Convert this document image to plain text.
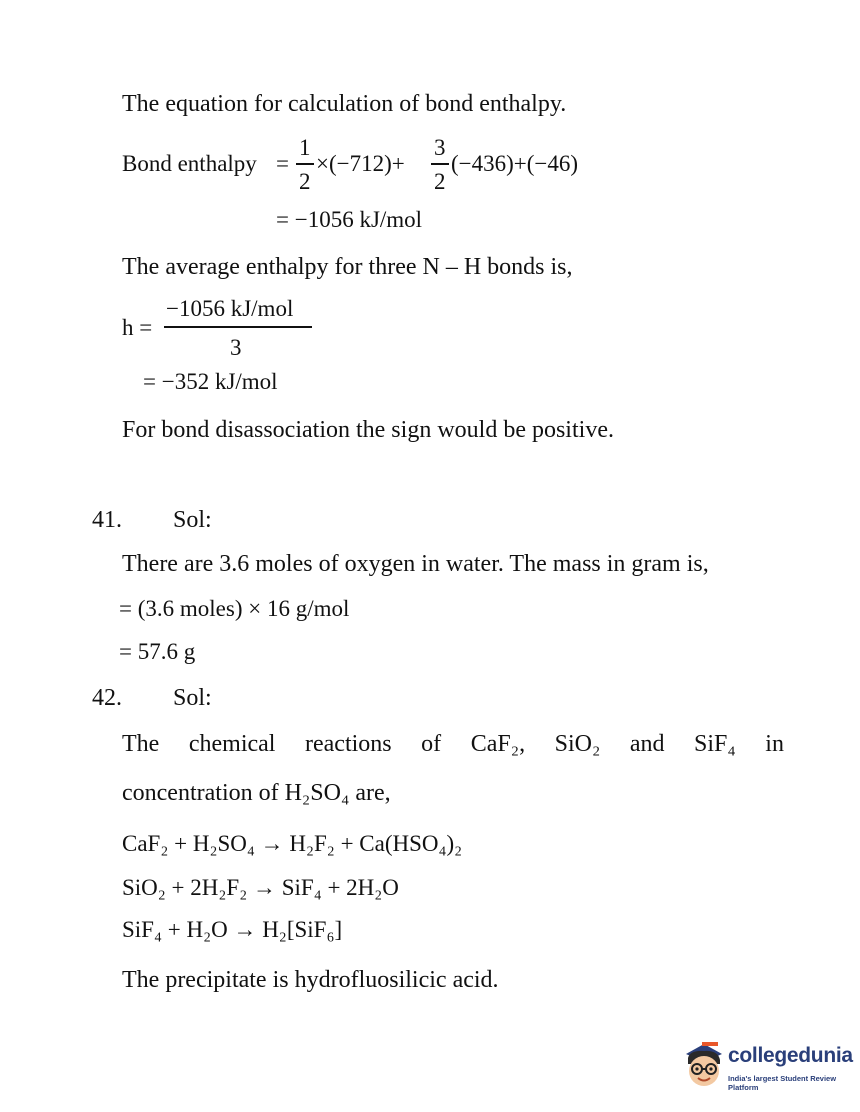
The equation for calculation of bond enthalpy.
Bond enthalpy =
1
2
×(−712)+
3
2
(−436)+(−46)
= −1056 kJ/mol
The average enthalpy for three N – H bonds is,
h =
−1056 kJ/mol
3
= −352 kJ/mol
For bond disassociation the sign would be positive.
41. Sol:
There are 3.6 moles of oxygen in water. The mass in gram is,
= (3.6 moles) × 16 g/mol
= 57.6 g
42. Sol:
The chemical reactions of CaF₂, SiO₂ and SiF₄ in
concentration of H₂SO₄ are,
CaF₂ + H₂SO₄ → H₂F₂ + Ca(HSO₄)₂
SiO₂ + 2H₂F₂ → SiF₄ + 2H₂O
SiF₄ + H₂O → H₂[SiF₆]
The precipitate is hydrofluosilicic acid.
collegedunia
India's largest Student Review Platform
